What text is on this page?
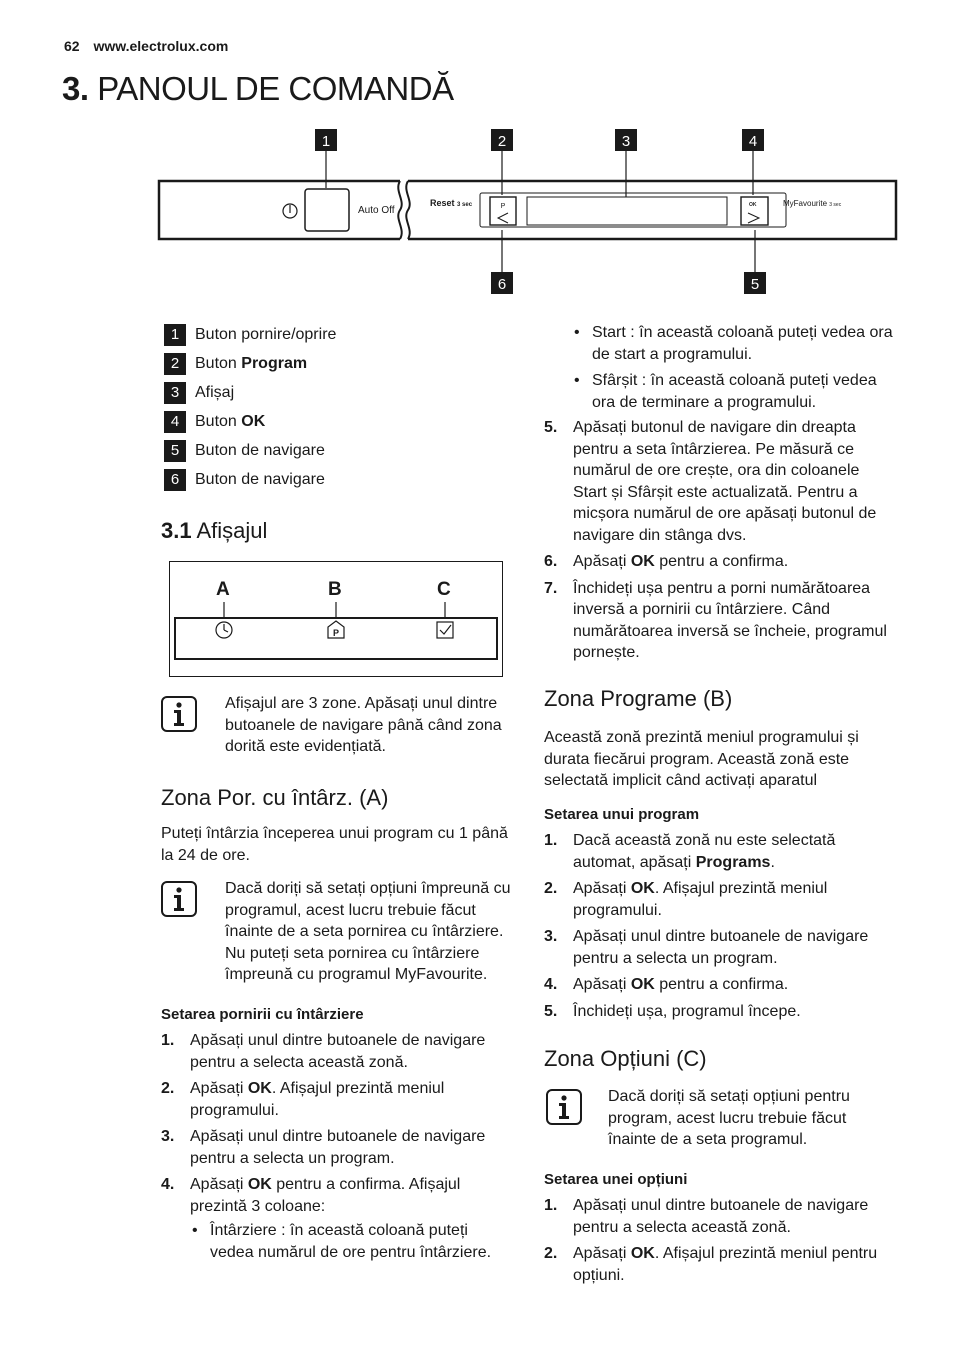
62 www.electrolux.com
3. PANOUL DE COMANDĂ
1	2	3	4
5
6
P
Auto Off
Reset 3 sec	OK	MyFavourite 3 sec
1 Buton pornire/oprire
2 Buton Program
3 Afișaj
4 Buton OK
5 Buton de navigare
6 Buton de navigare
3.1 Afișajul
A	B	C
P
Afișajul are 3 zone. Apăsați unul dintre butoanele de navigare până când zona dorită este evidențiată.
Zona Por. cu întârz. (A)
Puteți întârzia începerea unui program cu 1 până la 24 de ore.
Dacă doriți să setați opțiuni împreună cu programul, acest lucru trebuie făcut înainte de a seta pornirea cu întârziere. Nu puteți seta pornirea cu întârziere împreună cu programul MyFavourite.
Setarea pornirii cu întârziere
1. Apăsați unul dintre butoanele de navigare pentru a selecta această zonă.
2. Apăsați OK. Afișajul prezintă meniul programului.
3. Apăsați unul dintre butoanele de navigare pentru a selecta un program.
4. Apăsați OK pentru a confirma. Afișajul prezintă 3 coloane:
• Întârziere : în această coloană puteți vedea numărul de ore pentru întârziere.
• Start : în această coloană puteți vedea ora de start a programului.
• Sfârșit : în această coloană puteți vedea ora de terminare a programului.
5. Apăsați butonul de navigare din dreapta pentru a seta întârzierea. Pe măsură ce numărul de ore crește, ora din coloanele Start și Sfârșit este actualizată. Pentru a micșora numărul de ore apăsați butonul de navigare din stânga dvs.
6. Apăsați OK pentru a confirma.
7. Închideți ușa pentru a porni numărătoarea inversă a pornirii cu întârziere. Când numărătoarea inversă se încheie, programul pornește.
Zona Programe (B)
Această zonă prezintă meniul programului și durata fiecărui program. Această zonă este selectată implicit când activați aparatul
Setarea unui program
1. Dacă această zonă nu este selectată automat, apăsați Programs.
2. Apăsați OK. Afișajul prezintă meniul programului.
3. Apăsați unul dintre butoanele de navigare pentru a selecta un program.
4. Apăsați OK pentru a confirma.
5. Închideți ușa, programul începe.
Zona Opțiuni (C)
Dacă doriți să setați opțiuni pentru program, acest lucru trebuie făcut înainte de a seta programul.
Setarea unei opțiuni
1. Apăsați unul dintre butoanele de navigare pentru a selecta această zonă.
2. Apăsați OK. Afișajul prezintă meniul pentru opțiuni.
